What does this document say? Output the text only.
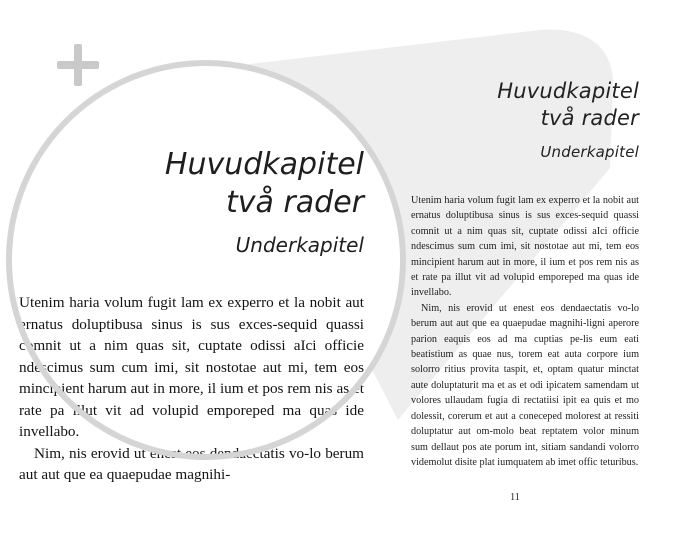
Huvudkapitel
två rader
Underkapitel

Utenim haria volum fugit lam ex experro et la nobit aut ernatus doluptibusa sinus is sus exces-sequid quassi comnit ut a nim quas sit, cuptate odissi aIci officie ndescimus sum cum imi, sit nostotae aut mi, tem eos mincipient harum aut in more, il ium et pos rem nis as et rate pa illut vit ad volupid emporeped ma quas ide invellabo.

Nim, nis erovid ut enest eos dendaectatis vo-lo berum aut aut que ea quaepudae magnihi-ligni aperore parion eaquis eos ad ma cuptias pe-lis eum eati beatistium as quae nus, torem eat auta corpore ium solorro ritius provita taspit, et, optam quatur minctat aute doluptaturit ma et as et odi ipicatem samendam ut volores ullaudam fugia di rectatiisi ipit ea quis et mo dolessit, corerum et aut a coneceped molorest at ressiti doluptatur aut om-molo beat reptatem volor minum sum dellaut pos ate porum int, sitiam sandandi volorro videmolut disite plat iumquatem ab imet offic teturibus.

11
Huvudkapitel
två rader
Underkapitel

Utenim haria volum fugit lam ex experro et la nobit aut ernatus doluptibusa sinus is sus exces-sequid quassi comnit ut a nim quas sit, cuptate odissi aIci officie ndescimus sum cum imi, sit nostotae aut mi, tem eos mincipient harum aut in more, il ium et pos rem nis as et rate pa illut vit ad volupid emporeped ma quas ide invellabo.

Nim, nis erovid ut enest eos dendaectatis vo-lo berum aut aut que ea quaepudae magnihi-
